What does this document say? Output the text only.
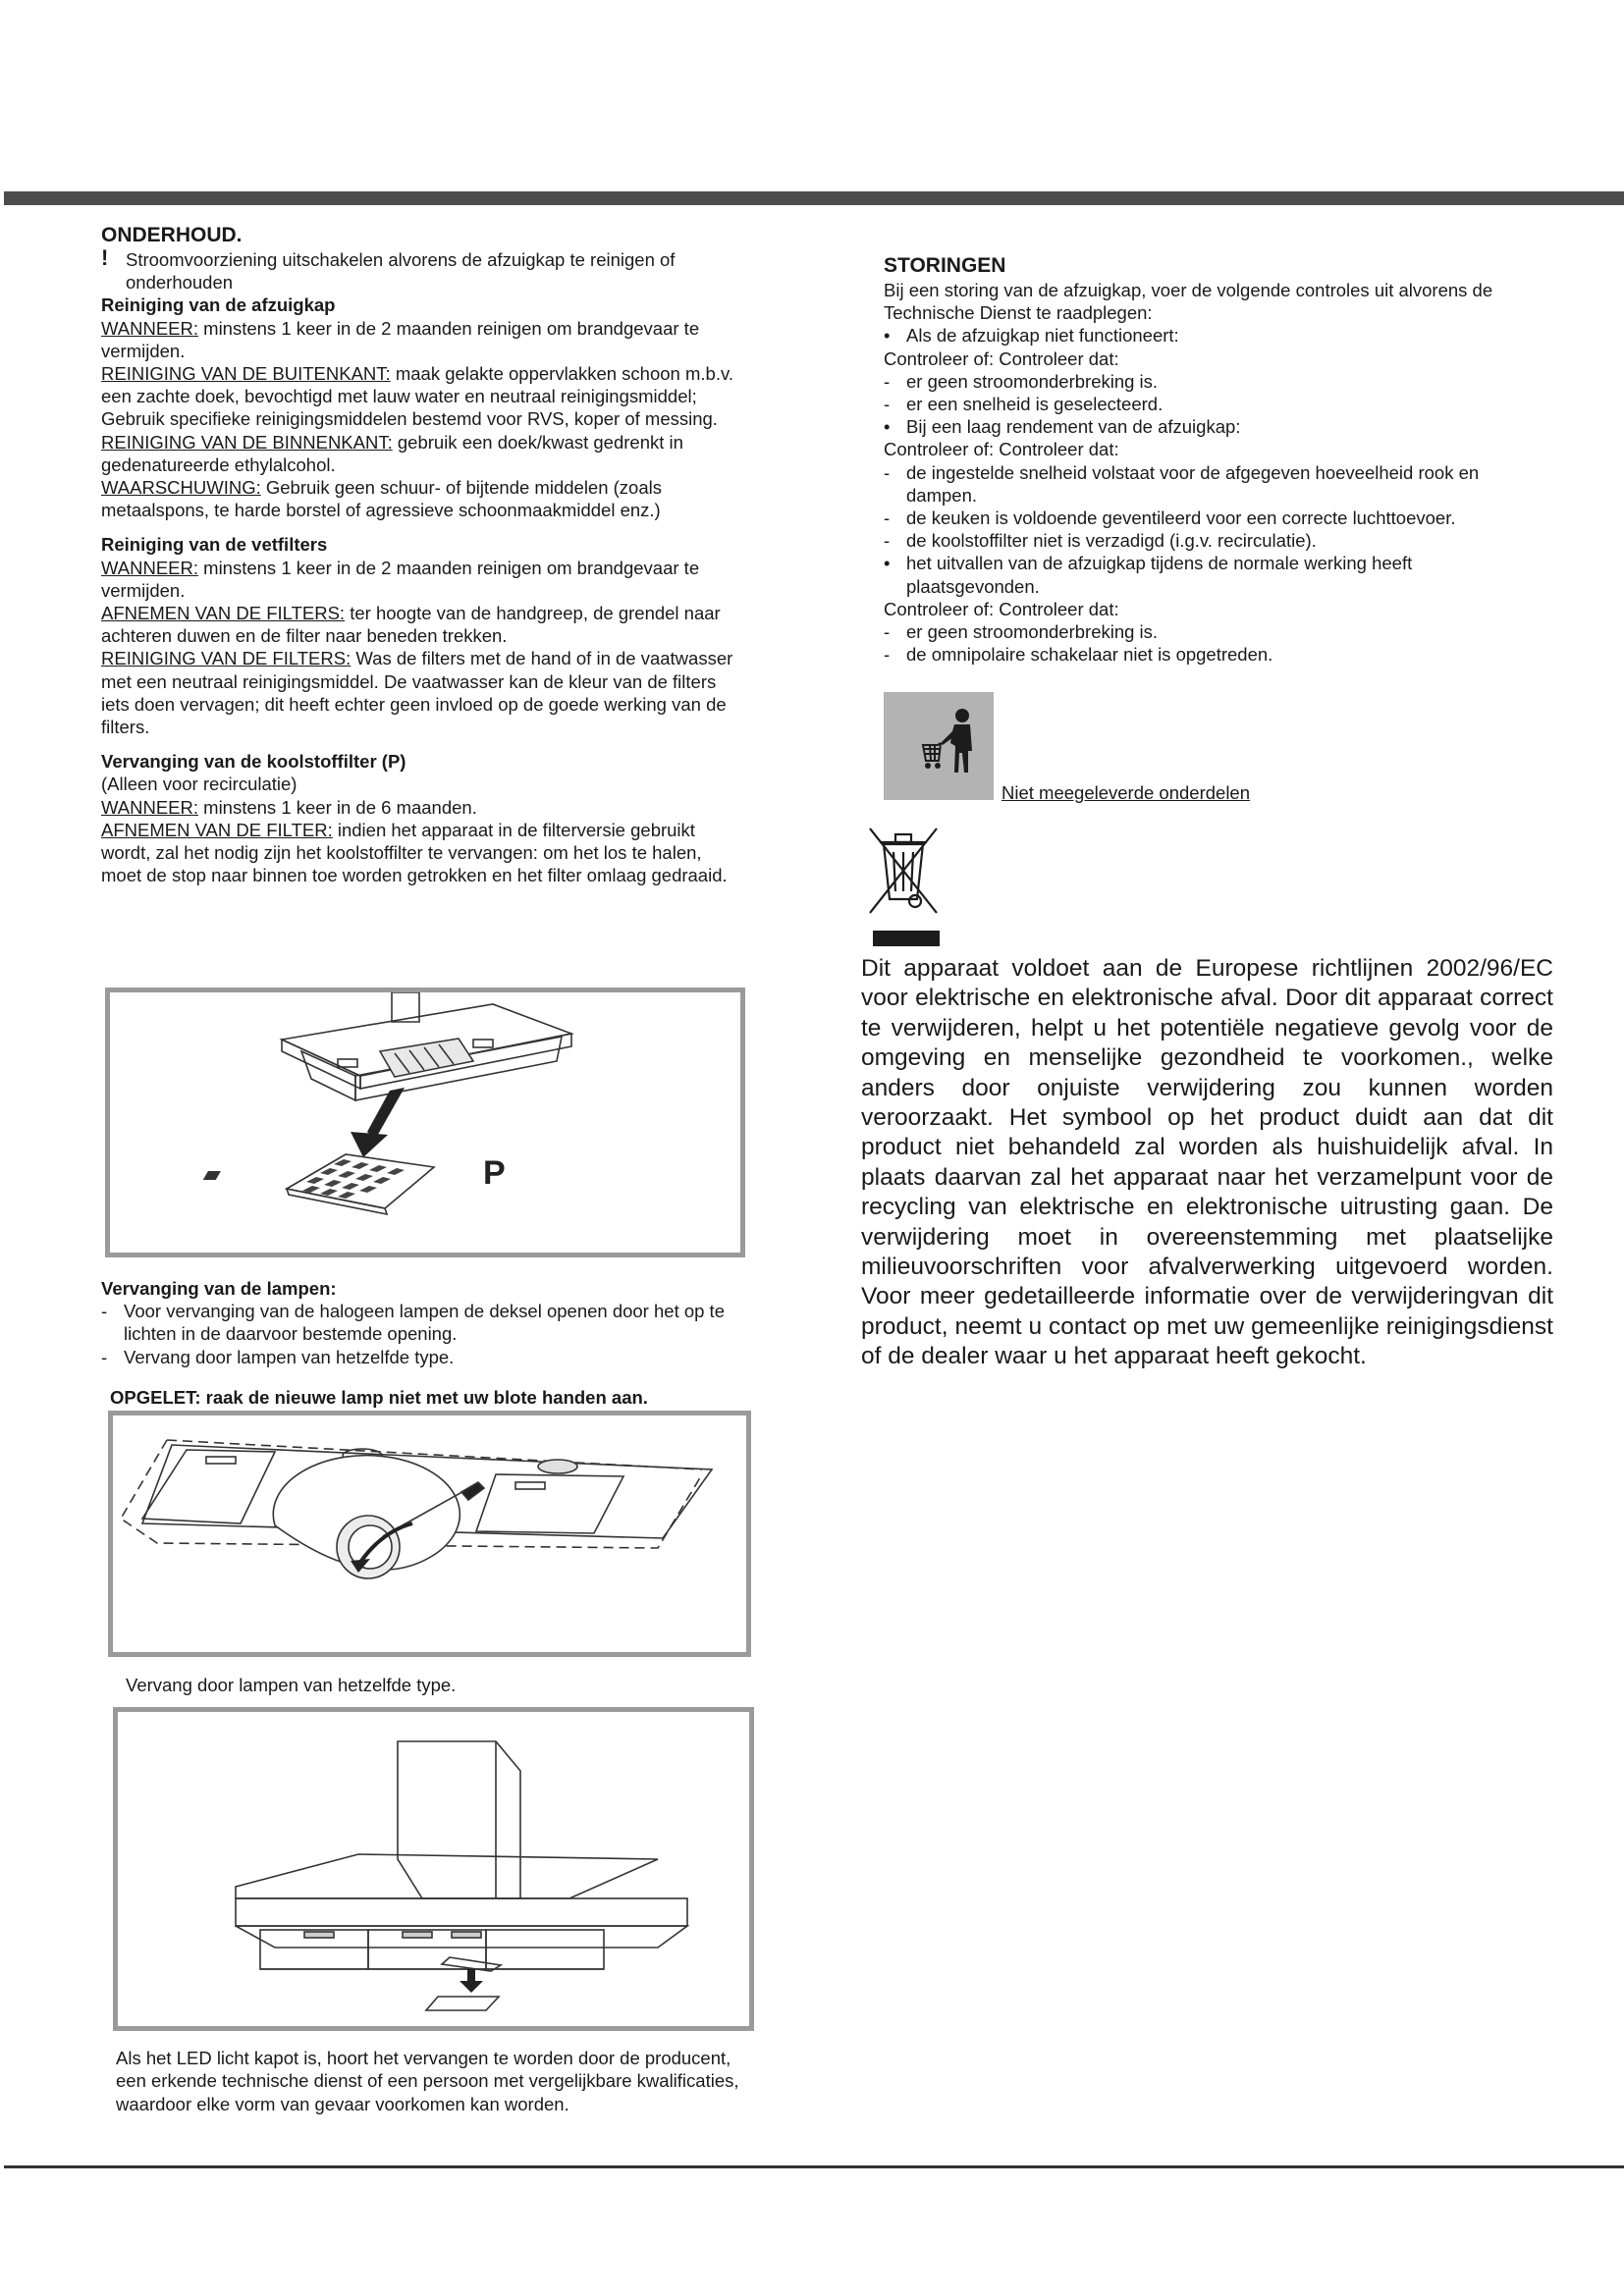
ONDERHOUD.

! Stroomvoorziening uitschakelen alvorens de afzuigkap te reinigen of onderhouden

Reiniging van de afzuigkap

WANNEER: minstens 1 keer in de 2 maanden reinigen om brandgevaar te vermijden.

REINIGING VAN DE BUITENKANT: maak gelakte oppervlakken schoon m.b.v. een zachte doek, bevochtigd met lauw water en neutraal reinigingsmiddel; Gebruik specifieke reinigingsmiddelen bestemd voor RVS, koper of messing.

REINIGING VAN DE BINNENKANT: gebruik een doek/kwast gedrenkt in gedenatureerde ethylalcohol.

WAARSCHUWING: Gebruik geen schuur- of bijtende middelen (zoals metaalspons, te harde borstel of agressieve schoonmaakmiddel enz.)

Reiniging van de vetfilters

WANNEER: minstens 1 keer in de 2 maanden reinigen om brandgevaar te vermijden.

AFNEMEN VAN DE FILTERS: ter hoogte van de handgreep, de grendel naar achteren duwen en de filter naar beneden trekken.

REINIGING VAN DE FILTERS: Was de filters met de hand of in de vaatwasser met een neutraal reinigingsmiddel. De vaatwasser kan de kleur van de filters iets doen vervagen; dit heeft echter geen invloed op de goede werking van de filters.

Vervanging van de koolstoffilter (P)

(Alleen voor recirculatie)

WANNEER: minstens 1 keer in de 6 maanden.

AFNEMEN VAN DE FILTER: indien het apparaat in de filterversie gebruikt wordt, zal het nodig zijn het koolstoffilter te vervangen: om het los te halen, moet de stop naar binnen toe worden getrokken en het filter omlaag gedraaid.

P

Vervanging van de lampen:

- Voor vervanging van de halogeen lampen de deksel openen door het op te lichten in de daarvoor bestemde opening.

- Vervang door lampen van hetzelfde type.

OPGELET: raak de nieuwe lamp niet met uw blote handen aan.
Vervang door lampen van hetzelfde type.
Als het LED licht kapot is, hoort het vervangen te worden door de producent, een erkende technische dienst of een persoon met vergelijkbare kwalificaties, waardoor elke vorm van gevaar voorkomen kan worden.

STORINGEN

Bij een storing van de afzuigkap, voer de volgende controles uit alvorens de Technische Dienst te raadplegen:

• Als de afzuigkap niet functioneert:

Controleer of: Controleer dat:

- er geen stroomonderbreking is.

- er een snelheid is geselecteerd.

• Bij een laag rendement van de afzuigkap:

Controleer of: Controleer dat:

- de ingestelde snelheid volstaat voor de afgegeven hoeveelheid rook en dampen.

- de keuken is voldoende geventileerd voor een correcte luchttoevoer.

- de koolstoffilter niet is verzadigd (i.g.v. recirculatie).

• het uitvallen van de afzuigkap tijdens de normale werking heeft plaatsgevonden.

Controleer of: Controleer dat:

- er geen stroomonderbreking is.

- de omnipolaire schakelaar niet is opgetreden.

Niet meegeleverde onderdelen
Dit apparaat voldoet aan de Europese richtlijnen 2002/96/EC voor elektrische en elektronische afval. Door dit apparaat correct te verwijderen, helpt u het potentiële negatieve gevolg voor de omgeving en menselijke gezondheid te voorkomen., welke anders door onjuiste verwijdering zou kunnen worden veroorzaakt. Het symbool op het product duidt aan dat dit product niet behandeld zal worden als huishuidelijk afval. In plaats daarvan zal het apparaat naar het verzamelpunt voor de recycling van elektrische en elektronische uitrusting gaan. De verwijdering moet in overeenstemming met plaatselijke milieuvoorschriften voor afvalverwerking uitgevoerd worden. Voor meer gedetailleerde informatie over de verwijderingvan dit product, neemt u contact op met uw gemeenlijke reinigingsdienst of de dealer waar u het apparaat heeft gekocht.
